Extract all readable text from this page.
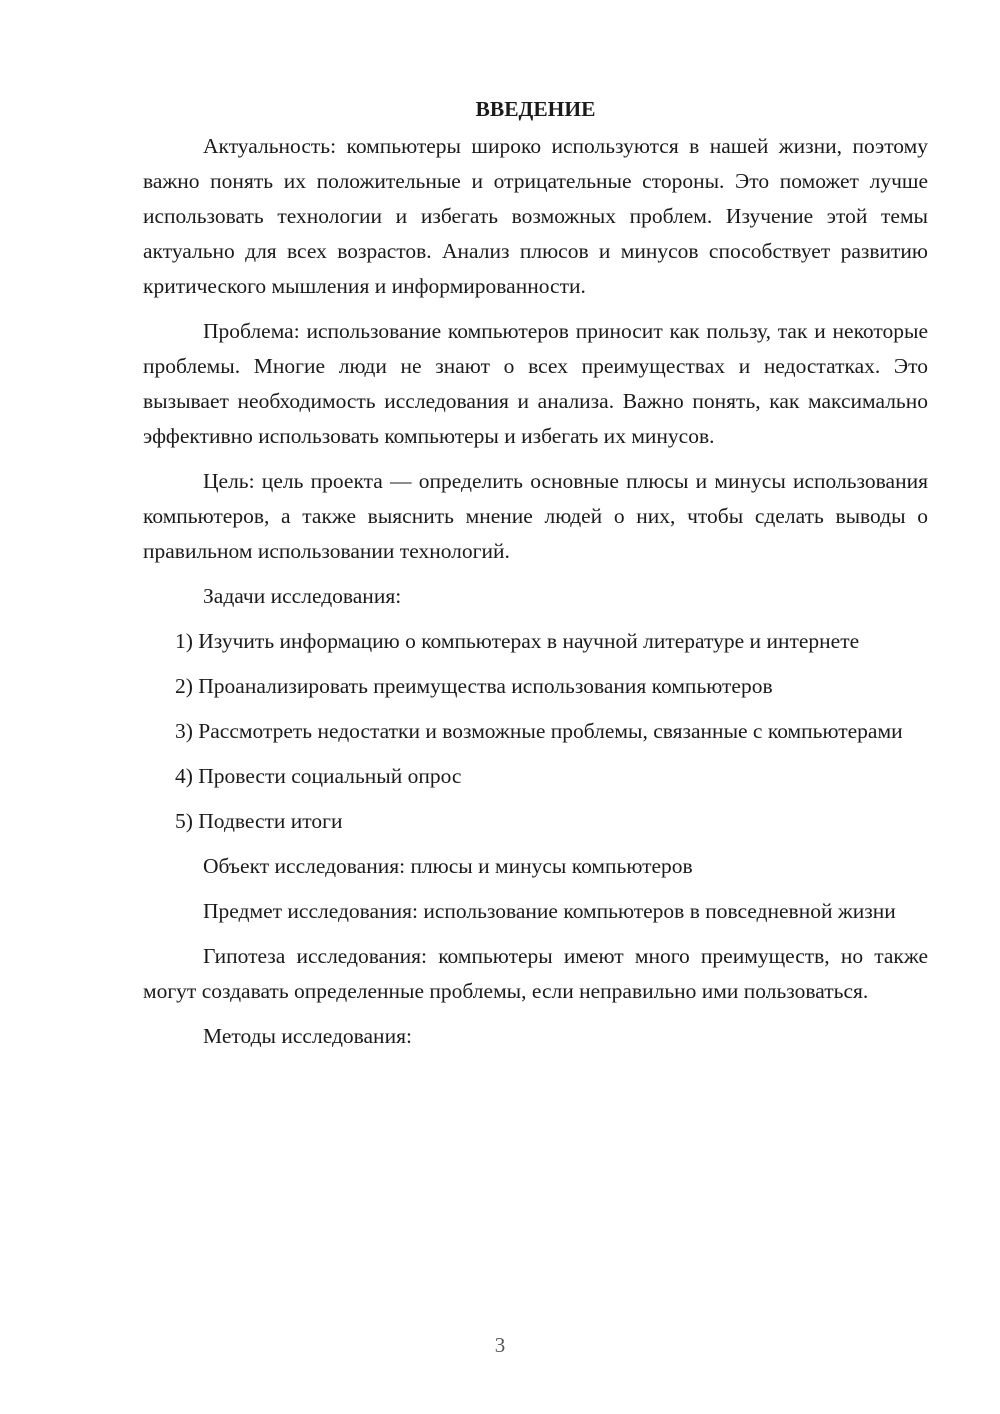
ВВЕДЕНИЕ

Актуальность: компьютеры широко используются в нашей жизни, поэтому важно понять их положительные и отрицательные стороны. Это поможет лучше использовать технологии и избегать возможных проблем. Изучение этой темы актуально для всех возрастов. Анализ плюсов и минусов способствует развитию критического мышления и информированности.

Проблема: использование компьютеров приносит как пользу, так и некоторые проблемы. Многие люди не знают о всех преимуществах и недостатках. Это вызывает необходимость исследования и анализа. Важно понять, как максимально эффективно использовать компьютеры и избегать их минусов.

Цель: цель проекта — определить основные плюсы и минусы использования компьютеров, а также выяснить мнение людей о них, чтобы сделать выводы о правильном использовании технологий.

Задачи исследования:

1) Изучить информацию о компьютерах в научной литературе и интернете

2) Проанализировать преимущества использования компьютеров

3) Рассмотреть недостатки и возможные проблемы, связанные с компьютерами

4) Провести социальный опрос

5) Подвести итоги

Объект исследования: плюсы и минусы компьютеров

Предмет исследования: использование компьютеров в повседневной жизни

Гипотеза исследования: компьютеры имеют много преимуществ, но также могут создавать определенные проблемы, если неправильно ими пользоваться.

Методы исследования:

3
